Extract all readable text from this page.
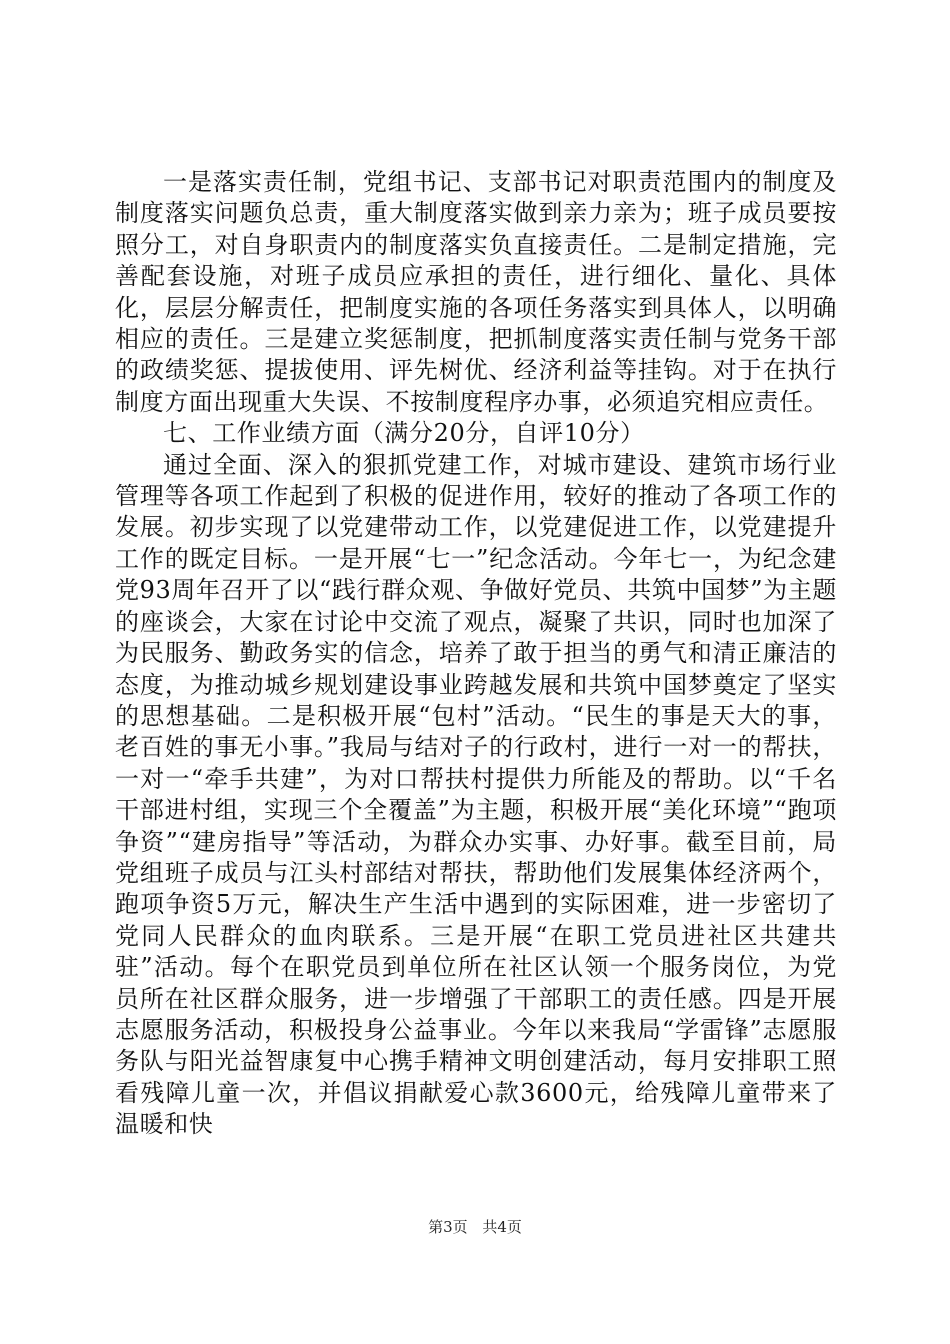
一是落实责任制，党组书记、支部书记对职责范围内的制度及制度落实问题负总责，重大制度落实做到亲力亲为；班子成员要按照分工，对自身职责内的制度落实负直接责任。二是制定措施，完善配套设施，对班子成员应承担的责任，进行细化、量化、具体化，层层分解责任，把制度实施的各项任务落实到具体人，以明确相应的责任。三是建立奖惩制度，把抓制度落实责任制与党务干部的政绩奖惩、提拔使用、评先树优、经济利益等挂钩。对于在执行制度方面出现重大失误、不按制度程序办事，必须追究相应责任。

七、工作业绩方面（满分20分，自评10分）

通过全面、深入的狠抓党建工作，对城市建设、建筑市场行业管理等各项工作起到了积极的促进作用，较好的推动了各项工作的发展。初步实现了以党建带动工作，以党建促进工作，以党建提升工作的既定目标。一是开展“七一”纪念活动。今年七一，为纪念建党93周年召开了以“践行群众观、争做好党员、共筑中国梦”为主题的座谈会，大家在讨论中交流了观点，凝聚了共识，同时也加深了为民服务、勤政务实的信念，培养了敢于担当的勇气和清正廉洁的态度，为推动城乡规划建设事业跨越发展和共筑中国梦奠定了坚实的思想基础。二是积极开展“包村”活动。“民生的事是天大的事，老百姓的事无小事。”我局与结对子的行政村，进行一对一的帮扶，一对一“牵手共建”，为对口帮扶村提供力所能及的帮助。以“千名干部进村组，实现三个全覆盖”为主题，积极开展“美化环境”“跑项争资”“建房指导”等活动，为群众办实事、办好事。截至目前，局党组班子成员与江头村部结对帮扶，帮助他们发展集体经济两个，跑项争资5万元，解决生产生活中遇到的实际困难，进一步密切了党同人民群众的血肉联系。三是开展“在职工党员进社区共建共驻”活动。每个在职党员到单位所在社区认领一个服务岗位，为党员所在社区群众服务，进一步增强了干部职工的责任感。四是开展志愿服务活动，积极投身公益事业。今年以来我局“学雷锋”志愿服务队与阳光益智康复中心携手精神文明创建活动，每月安排职工照看残障儿童一次，并倡议捐献爱心款3600元，给残障儿童带来了温暖和快

第3页 共4页
